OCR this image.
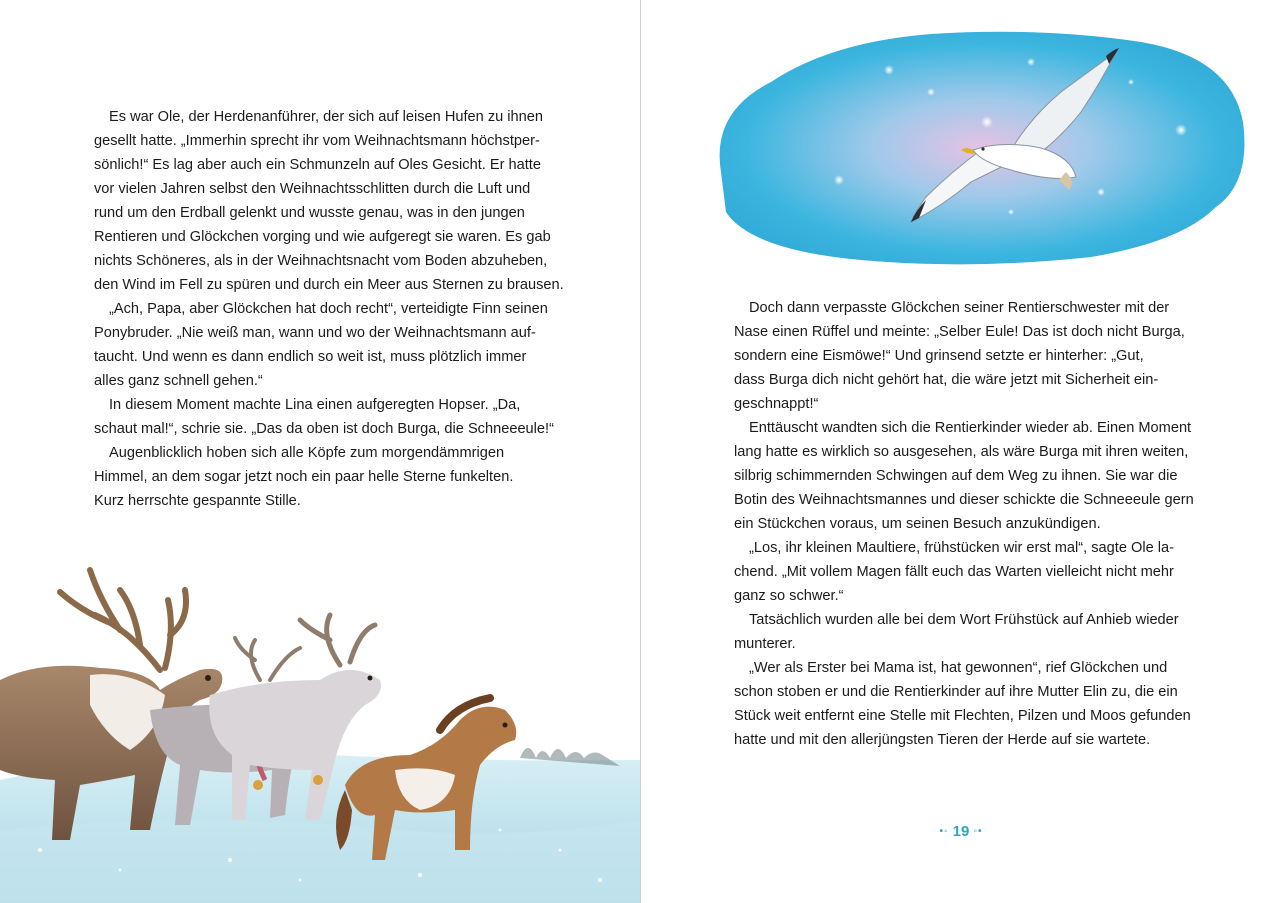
Es war Ole, der Herdenanführer, der sich auf leisen Hufen zu ihnen
gesellt hatte. „Immerhin sprecht ihr vom Weihnachtsmann höchstper-
sönlich!“ Es lag aber auch ein Schmunzeln auf Oles Gesicht. Er hatte
vor vielen Jahren selbst den Weihnachtsschlitten durch die Luft und
rund um den Erdball gelenkt und wusste genau, was in den jungen
Rentieren und Glöckchen vorging und wie aufgeregt sie waren. Es gab
nichts Schöneres, als in der Weihnachtsnacht vom Boden abzuheben,
den Wind im Fell zu spüren und durch ein Meer aus Sternen zu brausen.
„Ach, Papa, aber Glöckchen hat doch recht“, verteidigte Finn seinen
Ponybruder. „Nie weiß man, wann und wo der Weihnachtsmann auf-
taucht. Und wenn es dann endlich so weit ist, muss plötzlich immer
alles ganz schnell gehen.“
In diesem Moment machte Lina einen aufgeregten Hopser. „Da,
schaut mal!“, schrie sie. „Das da oben ist doch Burga, die Schneeeule!“
Augenblicklich hoben sich alle Köpfe zum morgendämmrigen
Himmel, an dem sogar jetzt noch ein paar helle Sterne funkelten.
Kurz herrschte gespannte Stille.
Doch dann verpasste Glöckchen seiner Rentierschwester mit der
Nase einen Rüffel und meinte: „Selber Eule! Das ist doch nicht Burga,
sondern eine Eismöwe!“ Und grinsend setzte er hinterher: „Gut,
dass Burga dich nicht gehört hat, die wäre jetzt mit Sicherheit ein-
geschnappt!“
Enttäuscht wandten sich die Rentierkinder wieder ab. Einen Moment
lang hatte es wirklich so ausgesehen, als wäre Burga mit ihren weiten,
silbrig schimmernden Schwingen auf dem Weg zu ihnen. Sie war die
Botin des Weihnachtsmannes und dieser schickte die Schneeeule gern
ein Stückchen voraus, um seinen Besuch anzukündigen.
„Los, ihr kleinen Maultiere, frühstücken wir erst mal“, sagte Ole la-
chend. „Mit vollem Magen fällt euch das Warten vielleicht nicht mehr
ganz so schwer.“
Tatsächlich wurden alle bei dem Wort Frühstück auf Anhieb wieder
munterer.
„Wer als Erster bei Mama ist, hat gewonnen“, rief Glöckchen und
schon stoben er und die Rentierkinder auf ihre Mutter Elin zu, die ein
Stück weit entfernt eine Stelle mit Flechten, Pilzen und Moos gefunden
hatte und mit den allerjüngsten Tieren der Herde auf sie wartete.
•◦ 19 ◦•
